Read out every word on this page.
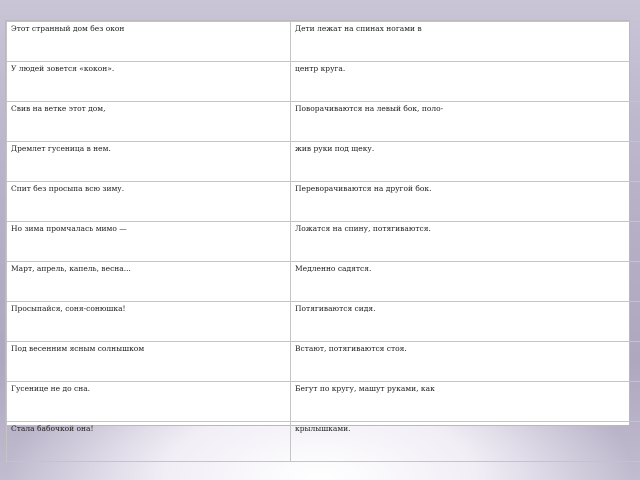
Этот странный дом без окон	Дети лежат на спинах ногами в
У людей зовется «кокон».	центр круга.
Свив на ветке этот дом,	Поворачиваются на левый бок, поло-
Дремлет гусеница в нем.	жив руки под щеку.
Спит без просыпа всю зиму.	Переворачиваются на другой бок.
Но зима промчалась мимо —	Ложатся на спину, потягиваются.
Март, апрель, капель, весна...	Медленно садятся.
Просыпайся, соня-сонюшка!	Потягиваются сидя.
Под весенним ясным солнышком	Встают, потягиваются стоя.
Гусенице не до сна.	Бегут по кругу, машут руками, как
Стала бабочкой она!	крылышками.
